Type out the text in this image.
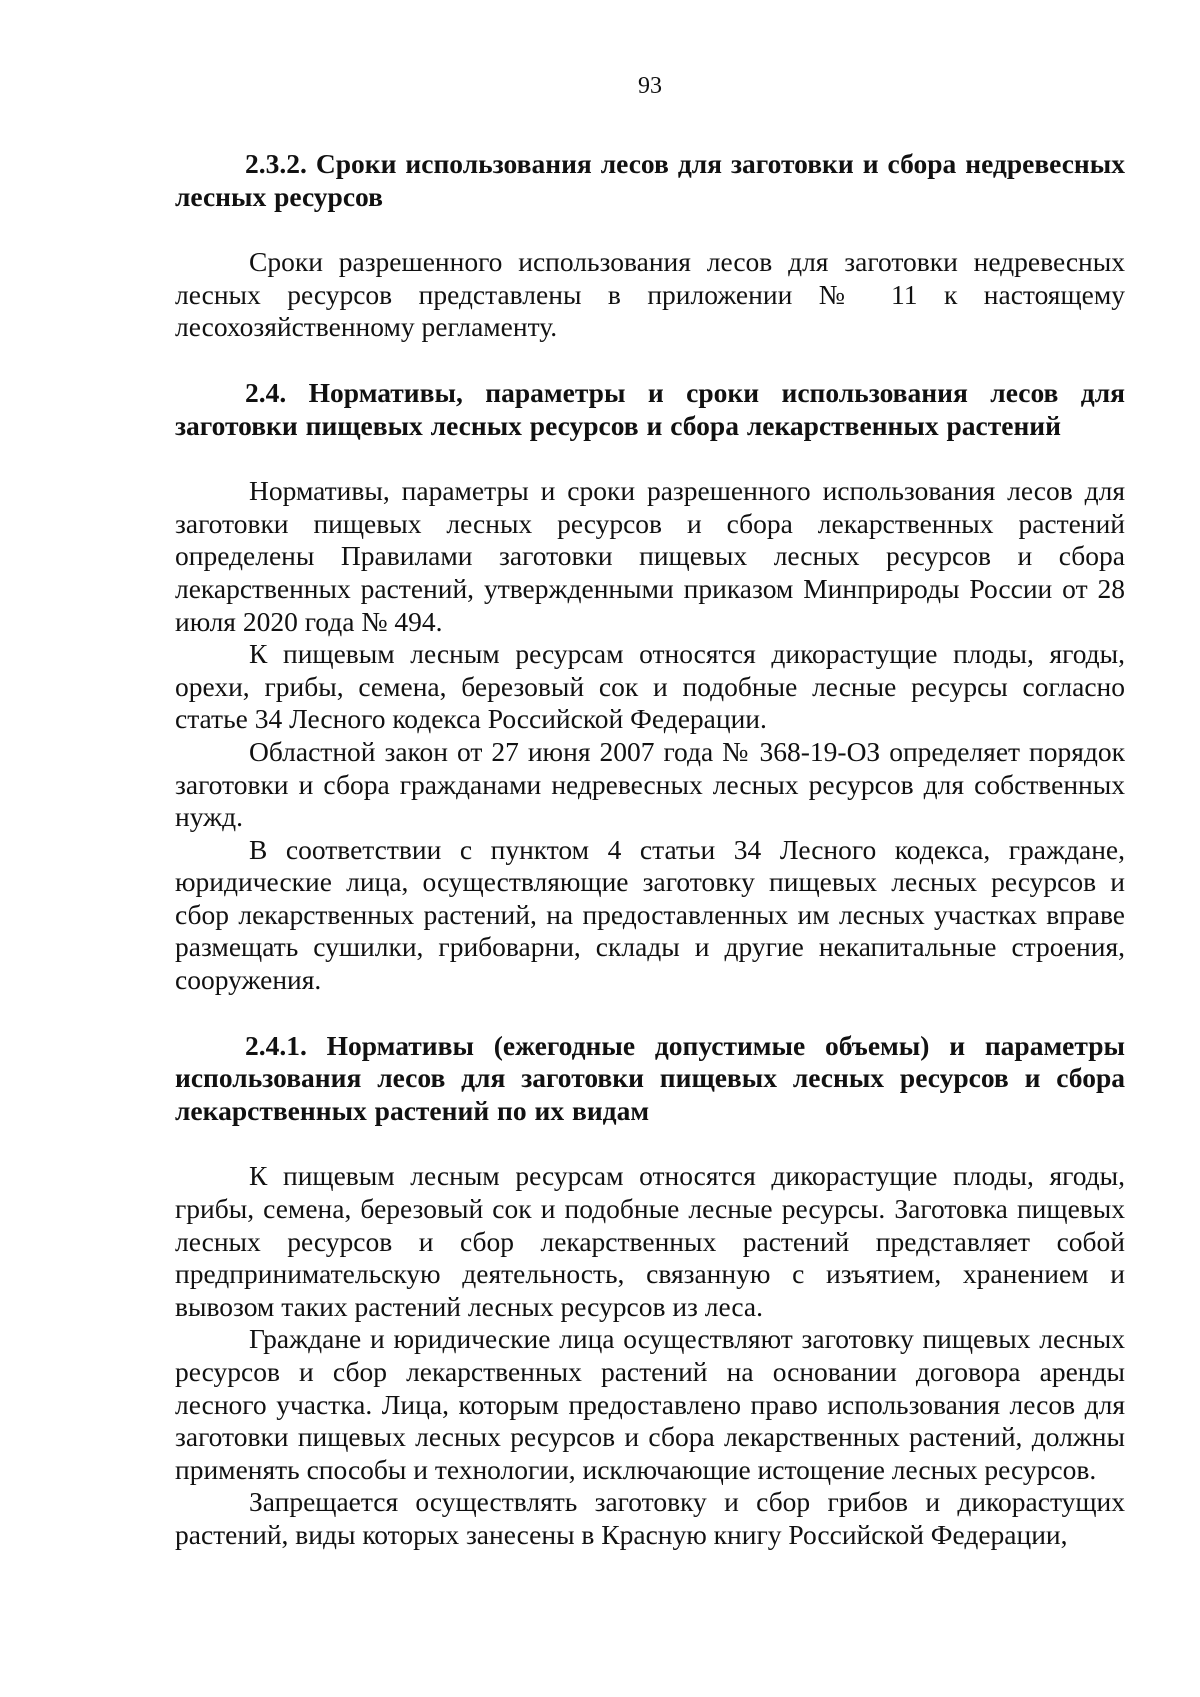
93
2.3.2. Сроки использования лесов для заготовки и сбора недревесных лесных ресурсов

Сроки разрешенного использования лесов для заготовки недревесных лесных ресурсов представлены в приложении № 11 к настоящему лесохозяйственному регламенту.

2.4. Нормативы, параметры и сроки использования лесов для заготовки пищевых лесных ресурсов и сбора лекарственных растений

Нормативы, параметры и сроки разрешенного использования лесов для заготовки пищевых лесных ресурсов и сбора лекарственных растений определены Правилами заготовки пищевых лесных ресурсов и сбора лекарственных растений, утвержденными приказом Минприроды России от 28 июля 2020 года № 494.

К пищевым лесным ресурсам относятся дикорастущие плоды, ягоды, орехи, грибы, семена, березовый сок и подобные лесные ресурсы согласно статье 34 Лесного кодекса Российской Федерации.

Областной закон от 27 июня 2007 года № 368-19-ОЗ определяет порядок заготовки и сбора гражданами недревесных лесных ресурсов для собственных нужд.

В соответствии с пунктом 4 статьи 34 Лесного кодекса, граждане, юридические лица, осуществляющие заготовку пищевых лесных ресурсов и сбор лекарственных растений, на предоставленных им лесных участках вправе размещать сушилки, грибоварни, склады и другие некапитальные строения, сооружения.

2.4.1. Нормативы (ежегодные допустимые объемы) и параметры использования лесов для заготовки пищевых лесных ресурсов и сбора лекарственных растений по их видам

К пищевым лесным ресурсам относятся дикорастущие плоды, ягоды, грибы, семена, березовый сок и подобные лесные ресурсы. Заготовка пищевых лесных ресурсов и сбор лекарственных растений представляет собой предпринимательскую деятельность, связанную с изъятием, хранением и вывозом таких растений лесных ресурсов из леса.

Граждане и юридические лица осуществляют заготовку пищевых лесных ресурсов и сбор лекарственных растений на основании договора аренды лесного участка. Лица, которым предоставлено право использования лесов для заготовки пищевых лесных ресурсов и сбора лекарственных растений, должны применять способы и технологии, исключающие истощение лесных ресурсов.

Запрещается осуществлять заготовку и сбор грибов и дикорастущих растений, виды которых занесены в Красную книгу Российской Федерации,
